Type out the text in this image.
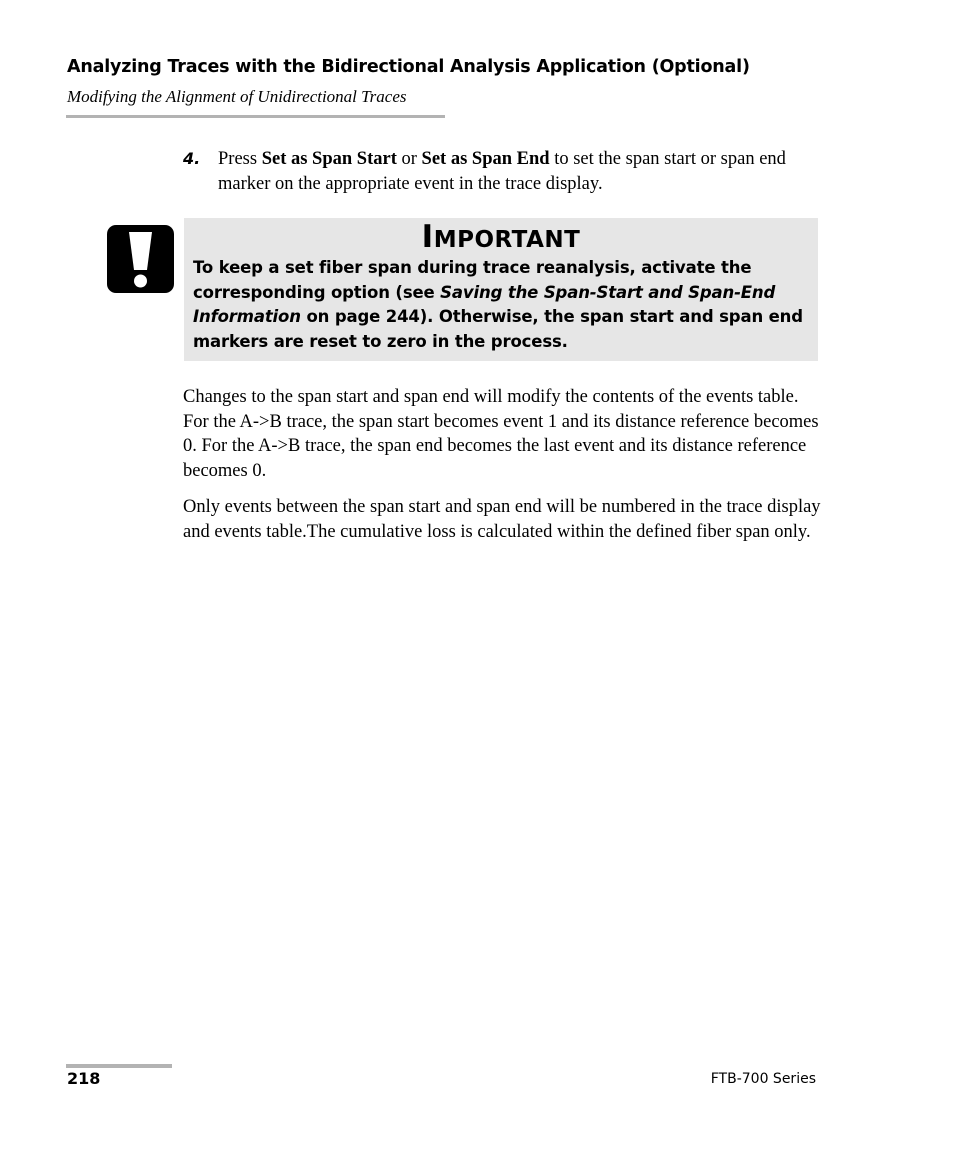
Analyzing Traces with the Bidirectional Analysis Application (Optional)
Modifying the Alignment of Unidirectional Traces
4. Press Set as Span Start or Set as Span End to set the span start or span end marker on the appropriate event in the trace display.
IMPORTANT
To keep a set fiber span during trace reanalysis, activate the corresponding option (see Saving the Span-Start and Span-End Information on page 244). Otherwise, the span start and span end markers are reset to zero in the process.
Changes to the span start and span end will modify the contents of the events table. For the A->B trace, the span start becomes event 1 and its distance reference becomes 0. For the A->B trace, the span end becomes the last event and its distance reference becomes 0.
Only events between the span start and span end will be numbered in the trace display and events table.The cumulative loss is calculated within the defined fiber span only.
218	FTB-700 Series
